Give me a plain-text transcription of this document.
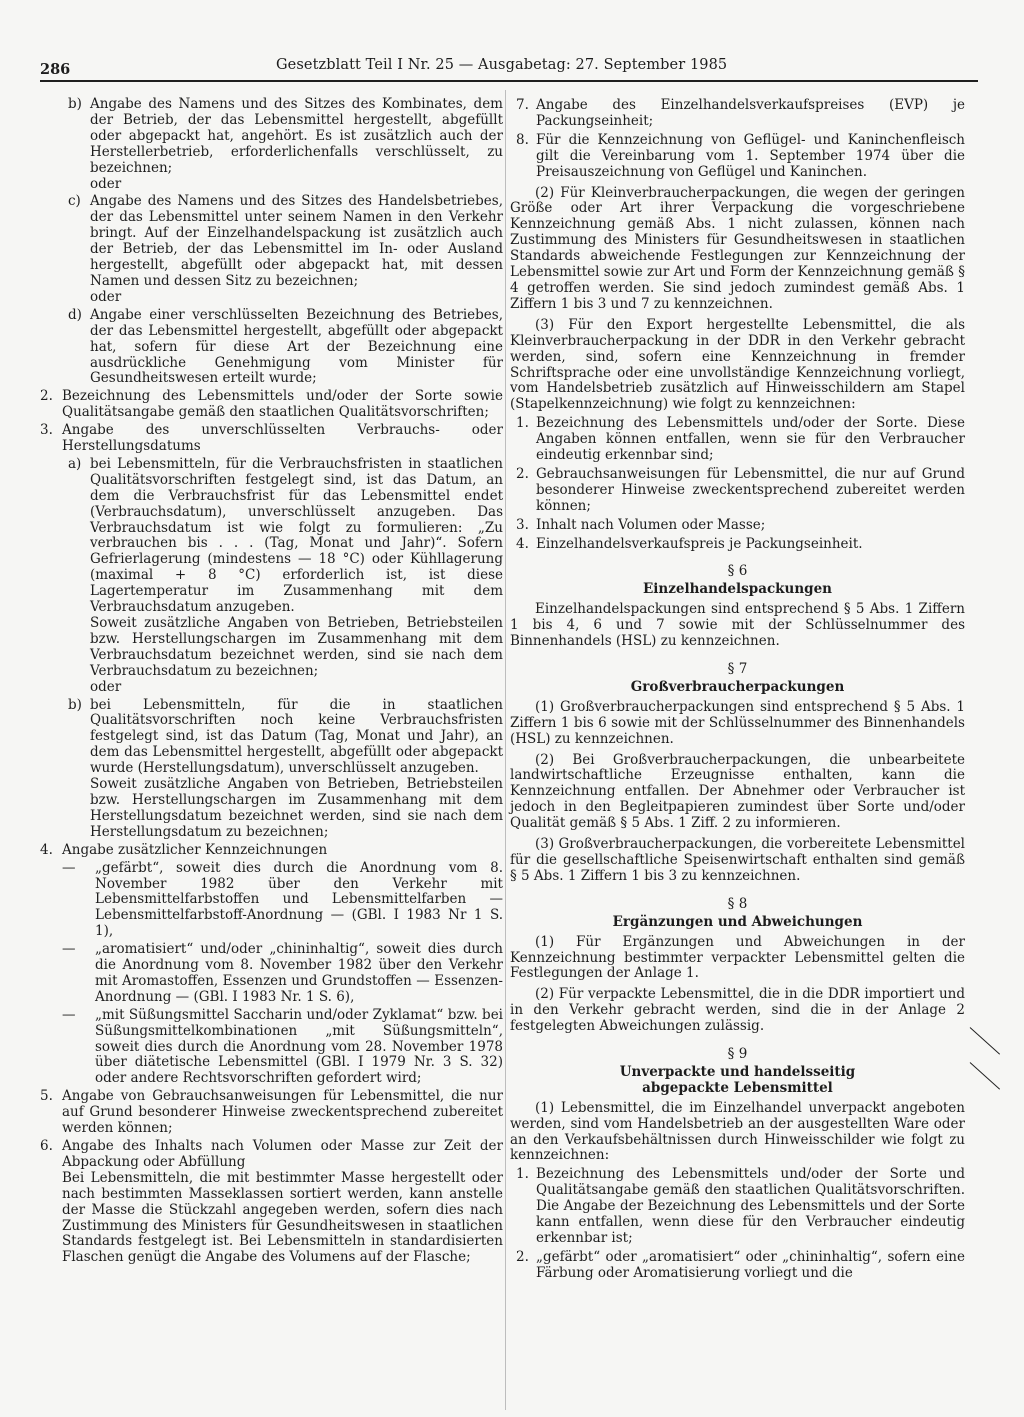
286	Gesetzblatt Teil I Nr. 25 — Ausgabetag: 27. September 1985
b) Angabe des Namens und des Sitzes des Kombinates, dem der Betrieb, der das Lebensmittel hergestellt, abgefüllt oder abgepackt hat, angehört. Es ist zusätzlich auch der Herstellerbetrieb, erforderlichenfalls verschlüsselt, zu bezeichnen;

oder

c) Angabe des Namens und des Sitzes des Handelsbetriebes, der das Lebensmittel unter seinem Namen in den Verkehr bringt. Auf der Einzelhandelspackung ist zusätzlich auch der Betrieb, der das Lebensmittel im In- oder Ausland hergestellt, abgefüllt oder abgepackt hat, mit dessen Namen und dessen Sitz zu bezeichnen;

oder

d) Angabe einer verschlüsselten Bezeichnung des Betriebes, der das Lebensmittel hergestellt, abgefüllt oder abgepackt hat, sofern für diese Art der Bezeichnung eine ausdrückliche Genehmigung vom Minister für Gesundheitswesen erteilt wurde;

2. Bezeichnung des Lebensmittels und/oder der Sorte sowie Qualitätsangabe gemäß den staatlichen Qualitätsvorschriften;

3. Angabe des unverschlüsselten Verbrauchs- oder Herstellungsdatums

a) bei Lebensmitteln, für die Verbrauchsfristen in staatlichen Qualitätsvorschriften festgelegt sind, ist das Datum, an dem die Verbrauchsfrist für das Lebensmittel endet (Verbrauchsdatum), unverschlüsselt anzugeben. Das Verbrauchsdatum ist wie folgt zu formulieren: „Zu verbrauchen bis . . . (Tag, Monat und Jahr)“. Sofern Gefrierlagerung (mindestens — 18 °C) oder Kühllagerung (maximal + 8 °C) erforderlich ist, ist diese Lagertemperatur im Zusammenhang mit dem Verbrauchsdatum anzugeben.

Soweit zusätzliche Angaben von Betrieben, Betriebsteilen bzw. Herstellungschargen im Zusammenhang mit dem Verbrauchsdatum bezeichnet werden, sind sie nach dem Verbrauchsdatum zu bezeichnen;

oder

b) bei Lebensmitteln, für die in staatlichen Qualitätsvorschriften noch keine Verbrauchsfristen festgelegt sind, ist das Datum (Tag, Monat und Jahr), an dem das Lebensmittel hergestellt, abgefüllt oder abgepackt wurde (Herstellungsdatum), unverschlüsselt anzugeben.

Soweit zusätzliche Angaben von Betrieben, Betriebsteilen bzw. Herstellungschargen im Zusammenhang mit dem Herstellungsdatum bezeichnet werden, sind sie nach dem Herstellungsdatum zu bezeichnen;

4. Angabe zusätzlicher Kennzeichnungen

— „gefärbt“, soweit dies durch die Anordnung vom 8. November 1982 über den Verkehr mit Lebensmittelfarbstoffen und Lebensmittelfarben — Lebensmittelfarbstoff-Anordnung — (GBl. I 1983 Nr 1 S. 1),

— „aromatisiert“ und/oder „chininhaltig“, soweit dies durch die Anordnung vom 8. November 1982 über den Verkehr mit Aromastoffen, Essenzen und Grundstoffen — Essenzen-Anordnung — (GBl. I 1983 Nr. 1 S. 6),

— „mit Süßungsmittel Saccharin und/oder Zyklamat“ bzw. bei Süßungsmittelkombinationen „mit Süßungsmitteln“, soweit dies durch die Anordnung vom 28. November 1978 über diätetische Lebensmittel (GBl. I 1979 Nr. 3 S. 32) oder andere Rechtsvorschriften gefordert wird;

5. Angabe von Gebrauchsanweisungen für Lebensmittel, die nur auf Grund besonderer Hinweise zweckentsprechend zubereitet werden können;

6. Angabe des Inhalts nach Volumen oder Masse zur Zeit der Abpackung oder Abfüllung

Bei Lebensmitteln, die mit bestimmter Masse hergestellt oder nach bestimmten Masseklassen sortiert werden, kann anstelle der Masse die Stückzahl angegeben werden, sofern dies nach Zustimmung des Ministers für Gesundheitswesen in staatlichen Standards festgelegt ist. Bei Lebensmitteln in standardisierten Flaschen genügt die Angabe des Volumens auf der Flasche;

7. Angabe des Einzelhandelsverkaufspreises (EVP) je Packungseinheit;

8. Für die Kennzeichnung von Geflügel- und Kaninchenfleisch gilt die Vereinbarung vom 1. September 1974 über die Preisauszeichnung von Geflügel und Kaninchen.

(2) Für Kleinverbraucherpackungen, die wegen der geringen Größe oder Art ihrer Verpackung die vorgeschriebene Kennzeichnung gemäß Abs. 1 nicht zulassen, können nach Zustimmung des Ministers für Gesundheitswesen in staatlichen Standards abweichende Festlegungen zur Kennzeichnung der Lebensmittel sowie zur Art und Form der Kennzeichnung gemäß § 4 getroffen werden. Sie sind jedoch zumindest gemäß Abs. 1 Ziffern 1 bis 3 und 7 zu kennzeichnen.

(3) Für den Export hergestellte Lebensmittel, die als Kleinverbraucherpackung in der DDR in den Verkehr gebracht werden, sind, sofern eine Kennzeichnung in fremder Schriftsprache oder eine unvollständige Kennzeichnung vorliegt, vom Handelsbetrieb zusätzlich auf Hinweisschildern am Stapel (Stapelkennzeichnung) wie folgt zu kennzeichnen:

1. Bezeichnung des Lebensmittels und/oder der Sorte. Diese Angaben können entfallen, wenn sie für den Verbraucher eindeutig erkennbar sind;

2. Gebrauchsanweisungen für Lebensmittel, die nur auf Grund besonderer Hinweise zweckentsprechend zubereitet werden können;

3. Inhalt nach Volumen oder Masse;

4. Einzelhandelsverkaufspreis je Packungseinheit.

§ 6

Einzelhandelspackungen

Einzelhandelspackungen sind entsprechend § 5 Abs. 1 Ziffern 1 bis 4, 6 und 7 sowie mit der Schlüsselnummer des Binnenhandels (HSL) zu kennzeichnen.

§ 7

Großverbraucherpackungen

(1) Großverbraucherpackungen sind entsprechend § 5 Abs. 1 Ziffern 1 bis 6 sowie mit der Schlüsselnummer des Binnenhandels (HSL) zu kennzeichnen.

(2) Bei Großverbraucherpackungen, die unbearbeitete landwirtschaftliche Erzeugnisse enthalten, kann die Kennzeichnung entfallen. Der Abnehmer oder Verbraucher ist jedoch in den Begleitpapieren zumindest über Sorte und/oder Qualität gemäß § 5 Abs. 1 Ziff. 2 zu informieren.

(3) Großverbraucherpackungen, die vorbereitete Lebensmittel für die gesellschaftliche Speisenwirtschaft enthalten sind gemäß § 5 Abs. 1 Ziffern 1 bis 3 zu kennzeichnen.

§ 8

Ergänzungen und Abweichungen

(1) Für Ergänzungen und Abweichungen in der Kennzeichnung bestimmter verpackter Lebensmittel gelten die Festlegungen der Anlage 1.

(2) Für verpackte Lebensmittel, die in die DDR importiert und in den Verkehr gebracht werden, sind die in der Anlage 2 festgelegten Abweichungen zulässig.

§ 9

Unverpackte und handelsseitig

abgepackte Lebensmittel

(1) Lebensmittel, die im Einzelhandel unverpackt angeboten werden, sind vom Handelsbetrieb an der ausgestellten Ware oder an den Verkaufsbehältnissen durch Hinweisschilder wie folgt zu kennzeichnen:

1. Bezeichnung des Lebensmittels und/oder der Sorte und Qualitätsangabe gemäß den staatlichen Qualitätsvorschriften. Die Angabe der Bezeichnung des Lebensmittels und der Sorte kann entfallen, wenn diese für den Verbraucher eindeutig erkennbar ist;

2. „gefärbt“ oder „aromatisiert“ oder „chininhaltig“, sofern eine Färbung oder Aromatisierung vorliegt und die
